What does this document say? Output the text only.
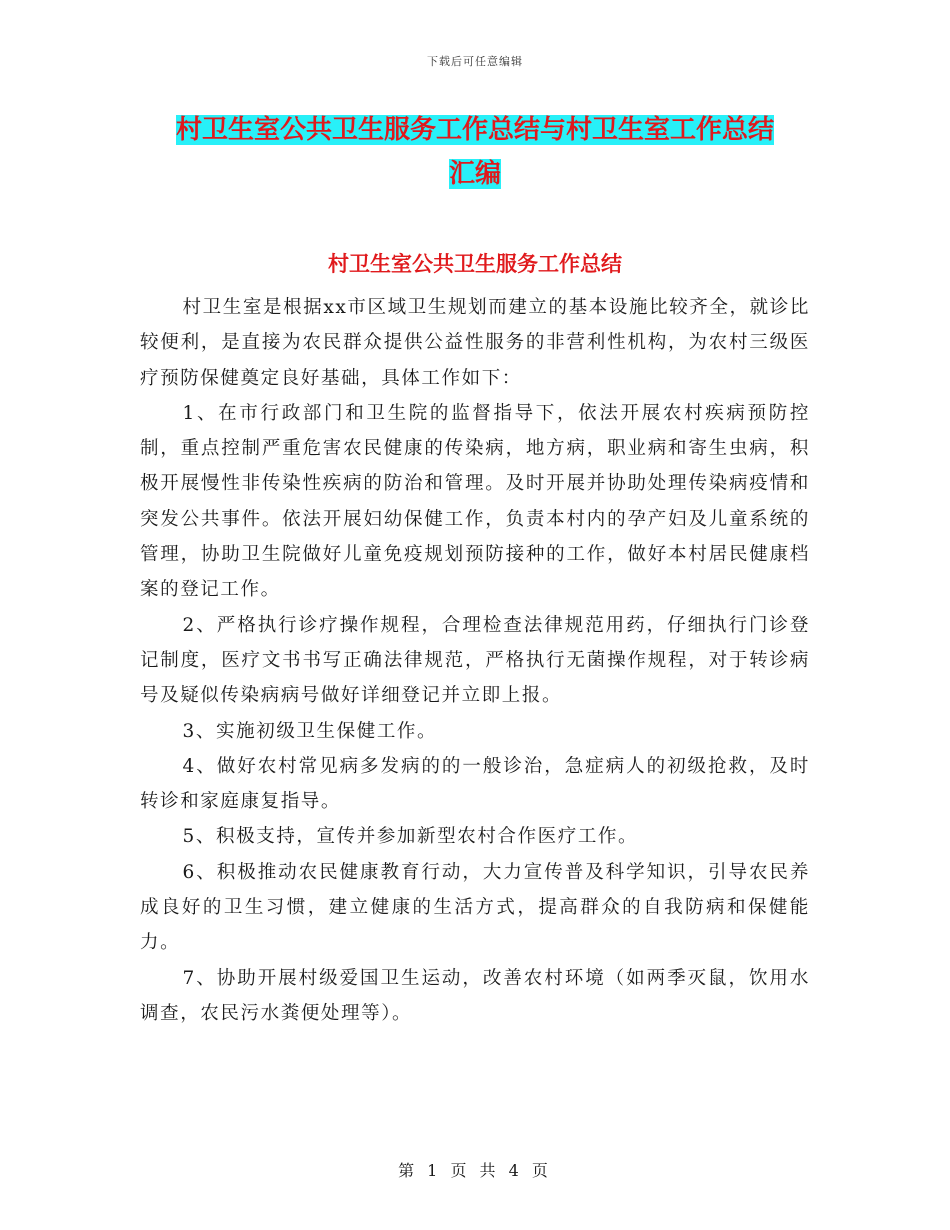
下载后可任意编辑
村卫生室公共卫生服务工作总结与村卫生室工作总结
汇编
村卫生室公共卫生服务工作总结

村卫生室是根据xx市区域卫生规划而建立的基本设施比较齐全，就诊比较便利，是直接为农民群众提供公益性服务的非营利性机构，为农村三级医疗预防保健奠定良好基础，具体工作如下：

1、在市行政部门和卫生院的监督指导下，依法开展农村疾病预防控制，重点控制严重危害农民健康的传染病，地方病，职业病和寄生虫病，积极开展慢性非传染性疾病的防治和管理。及时开展并协助处理传染病疫情和突发公共事件。依法开展妇幼保健工作，负责本村内的孕产妇及儿童系统的管理，协助卫生院做好儿童免疫规划预防接种的工作，做好本村居民健康档案的登记工作。

2、严格执行诊疗操作规程，合理检查法律规范用药，仔细执行门诊登记制度，医疗文书书写正确法律规范，严格执行无菌操作规程，对于转诊病号及疑似传染病病号做好详细登记并立即上报。

3、实施初级卫生保健工作。

4、做好农村常见病多发病的的一般诊治，急症病人的初级抢救，及时转诊和家庭康复指导。

5、积极支持，宣传并参加新型农村合作医疗工作。

6、积极推动农民健康教育行动，大力宣传普及科学知识，引导农民养成良好的卫生习惯，建立健康的生活方式，提高群众的自我防病和保健能力。

7、协助开展村级爱国卫生运动，改善农村环境（如两季灭鼠，饮用水调查，农民污水粪便处理等）。

第 1 页 共 4 页
